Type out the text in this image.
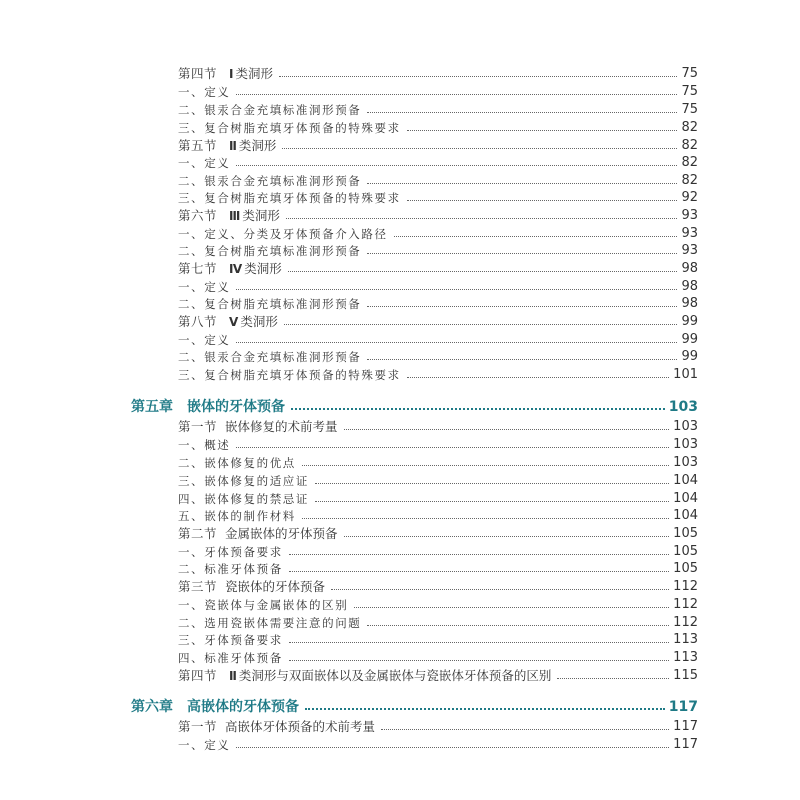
第四节 Ⅰ 类洞形	75
一、定义	75
二、银汞合金充填标准洞形预备	75
三、复合树脂充填牙体预备的特殊要求	82
第五节 Ⅱ 类洞形	82
一、定义	82
二、银汞合金充填标准洞形预备	82
三、复合树脂充填牙体预备的特殊要求	92
第六节 Ⅲ 类洞形	93
一、定义、分类及牙体预备介入路径	93
二、复合树脂充填标准洞形预备	93
第七节 Ⅳ 类洞形	98
一、定义	98
二、复合树脂充填标准洞形预备	98
第八节 Ⅴ 类洞形	99
一、定义	99
二、银汞合金充填标准洞形预备	99
三、复合树脂充填牙体预备的特殊要求	101
第五章 嵌体的牙体预备	103
第一节 嵌体修复的术前考量	103
一、概述	103
二、嵌体修复的优点	103
三、嵌体修复的适应证	104
四、嵌体修复的禁忌证	104
五、嵌体的制作材料	104
第二节 金属嵌体的牙体预备	105
一、牙体预备要求	105
二、标准牙体预备	105
第三节 瓷嵌体的牙体预备	112
一、瓷嵌体与金属嵌体的区别	112
二、选用瓷嵌体需要注意的问题	112
三、牙体预备要求	113
四、标准牙体预备	113
第四节 Ⅱ 类洞形与双面嵌体以及金属嵌体与瓷嵌体牙体预备的区别	115
第六章 高嵌体的牙体预备	117
第一节 高嵌体牙体预备的术前考量	117
一、定义	117
